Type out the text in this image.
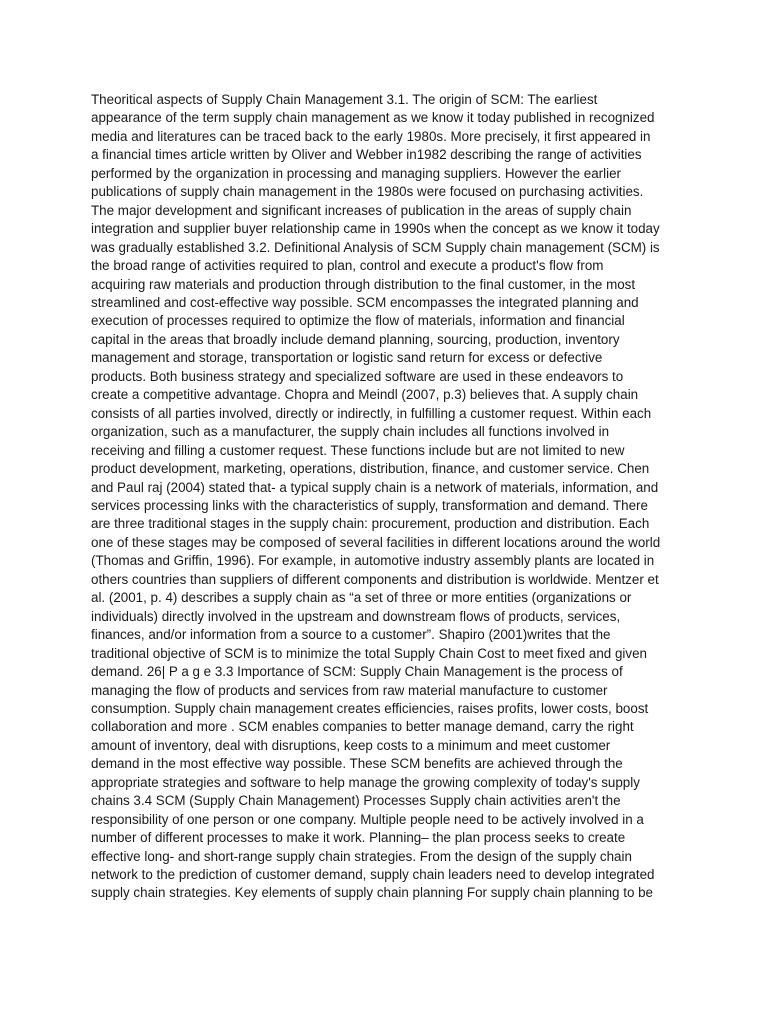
Theoritical aspects of Supply Chain Management 3.1. The origin of SCM: The earliest
appearance of the term supply chain management as we know it today published in recognized
media and literatures can be traced back to the early 1980s. More precisely, it first appeared in
a financial times article written by Oliver and Webber in1982 describing the range of activities
performed by the organization in processing and managing suppliers. However the earlier
publications of supply chain management in the 1980s were focused on purchasing activities.
The major development and significant increases of publication in the areas of supply chain
integration and supplier buyer relationship came in 1990s when the concept as we know it today
was gradually established 3.2. Definitional Analysis of SCM Supply chain management (SCM) is
the broad range of activities required to plan, control and execute a product's flow from
acquiring raw materials and production through distribution to the final customer, in the most
streamlined and cost-effective way possible. SCM encompasses the integrated planning and
execution of processes required to optimize the flow of materials, information and financial
capital in the areas that broadly include demand planning, sourcing, production, inventory
management and storage, transportation or logistic sand return for excess or defective
products. Both business strategy and specialized software are used in these endeavors to
create a competitive advantage. Chopra and Meindl (2007, p.3) believes that. A supply chain
consists of all parties involved, directly or indirectly, in fulfilling a customer request. Within each
organization, such as a manufacturer, the supply chain includes all functions involved in
receiving and filling a customer request. These functions include but are not limited to new
product development, marketing, operations, distribution, finance, and customer service. Chen
and Paul raj (2004) stated that- a typical supply chain is a network of materials, information, and
services processing links with the characteristics of supply, transformation and demand. There
are three traditional stages in the supply chain: procurement, production and distribution. Each
one of these stages may be composed of several facilities in different locations around the world
(Thomas and Griffin, 1996). For example, in automotive industry assembly plants are located in
others countries than suppliers of different components and distribution is worldwide. Mentzer et
al. (2001, p. 4) describes a supply chain as “a set of three or more entities (organizations or
individuals) directly involved in the upstream and downstream flows of products, services,
finances, and/or information from a source to a customer”. Shapiro (2001)writes that the
traditional objective of SCM is to minimize the total Supply Chain Cost to meet fixed and given
demand. 26| P a g e 3.3 Importance of SCM: Supply Chain Management is the process of
managing the flow of products and services from raw material manufacture to customer
consumption. Supply chain management creates efficiencies, raises profits, lower costs, boost
collaboration and more . SCM enables companies to better manage demand, carry the right
amount of inventory, deal with disruptions, keep costs to a minimum and meet customer
demand in the most effective way possible. These SCM benefits are achieved through the
appropriate strategies and software to help manage the growing complexity of today's supply
chains 3.4 SCM (Supply Chain Management) Processes Supply chain activities aren't the
responsibility of one person or one company. Multiple people need to be actively involved in a
number of different processes to make it work. Planning– the plan process seeks to create
effective long- and short-range supply chain strategies. From the design of the supply chain
network to the prediction of customer demand, supply chain leaders need to develop integrated
supply chain strategies. Key elements of supply chain planning For supply chain planning to be
